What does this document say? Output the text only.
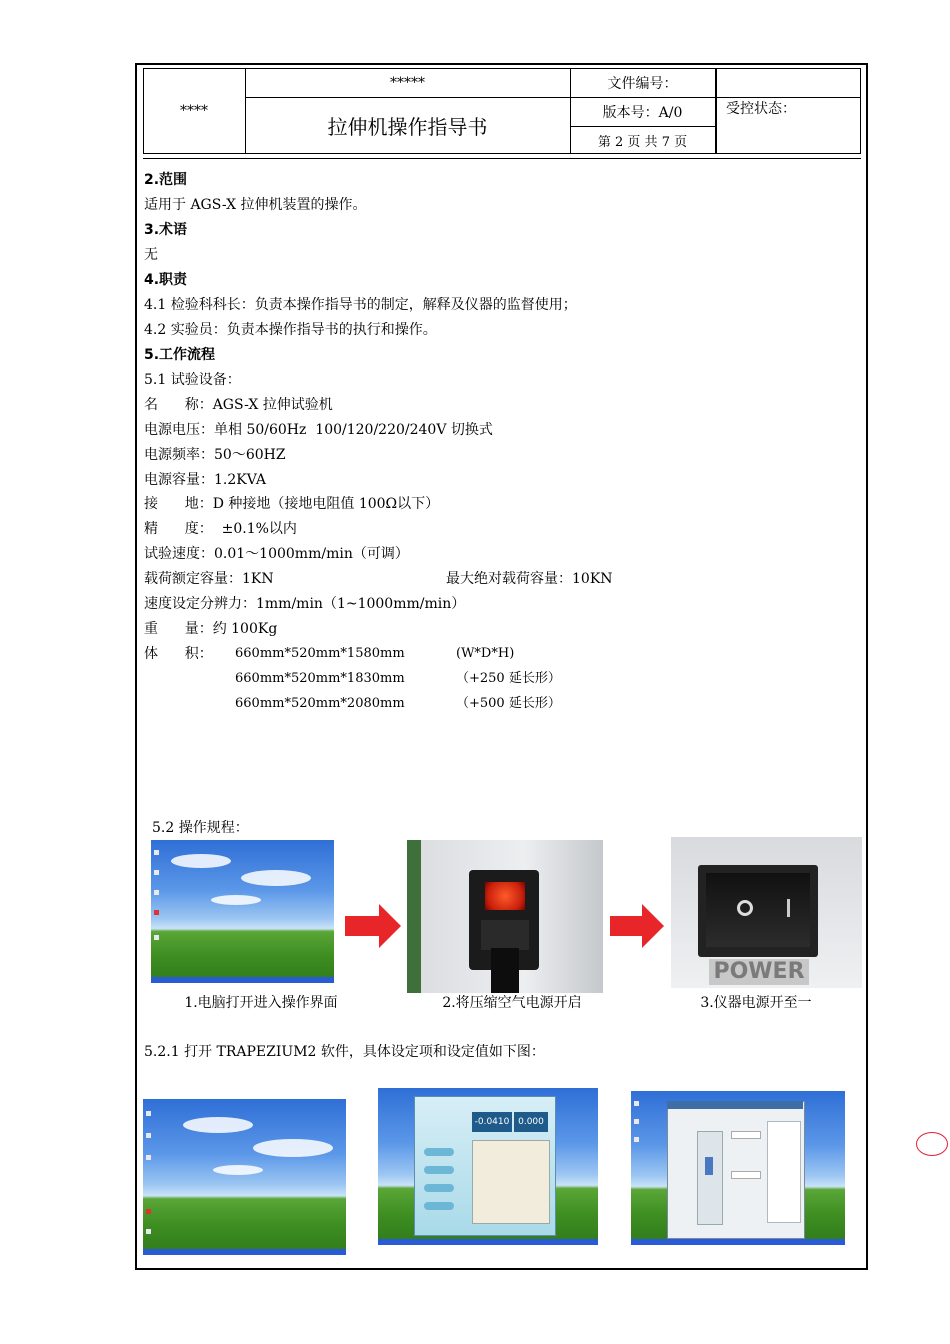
****
*****
拉伸机操作指导书
文件编号：
版本号：A/0
第 2 页 共 7 页
受控状态：
2.范围
适用于 AGS-X 拉伸机装置的操作。
3.术语
无
4.职责
4.1 检验科科长：负责本操作指导书的制定，解释及仪器的监督使用；
4.2 实验员：负责本操作指导书的执行和操作。
5.工作流程
5.1 试验设备：
名      称：AGS-X 拉伸试验机
电源电压：单相 50/60Hz  100/120/220/240V 切换式
电源频率：50～60HZ
电源容量：1.2KVA
接      地：D 种接地（接地电阻值 100Ω以下）
精      度：  ±0.1%以内
试验速度：0.01～1000mm/min（可调）
载荷额定容量：1KN	最大绝对载荷容量：10KN
速度设定分辨力：1mm/min（1~1000mm/min）
重      量：约 100Kg
体      积： 660mm*520mm*1580mm	(W*D*H)
660mm*520mm*1830mm	（+250 延长形）
660mm*520mm*2080mm	（+500 延长形）
5.2 操作规程：
POWER
1.电脑打开进入操作界面	2.将压缩空气电源开启	3.仪器电源开至一
5.2.1 打开 TRAPEZIUM2 软件，具体设定项和设定值如下图：
-0.0410 0.000
